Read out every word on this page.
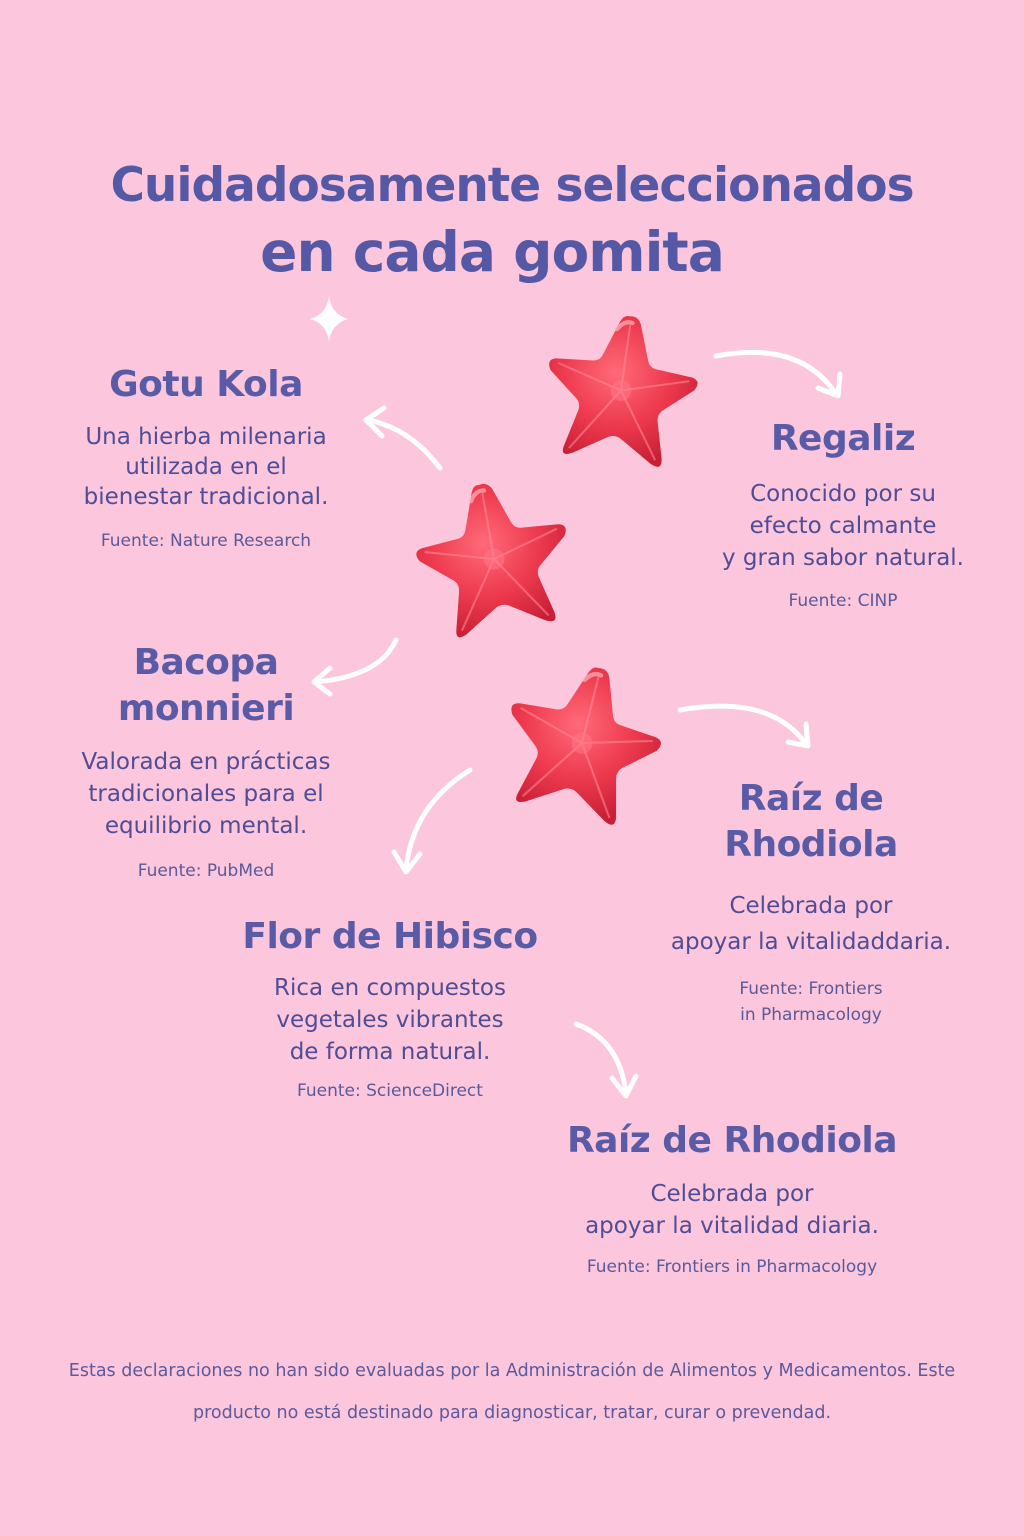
Cuidadosamente seleccionados
en cada gomita
Gotu Kola

Una hierba milenaria
utilizada en el
bienestar tradicional.

Fuente: Nature Research

Regaliz

Conocido por su
efecto calmante
y gran sabor natural.

Fuente: CINP

Bacopa
monnieri

Valorada en prácticas
tradicionales para el
equilibrio mental.

Fuente: PubMed

Raíz de
Rhodiola

Celebrada por
apoyar la vitalidaddaria.

Fuente: Frontiers
in Pharmacology

Flor de Hibisco

Rica en compuestos
vegetales vibrantes
de forma natural.

Fuente: ScienceDirect

Raíz de Rhodiola

Celebrada por
apoyar la vitalidad diaria.

Fuente: Frontiers in Pharmacology

Estas declaraciones no han sido evaluadas por la Administración de Alimentos y Medicamentos. Este producto no está destinado para diagnosticar, tratar, curar o prevendad.
